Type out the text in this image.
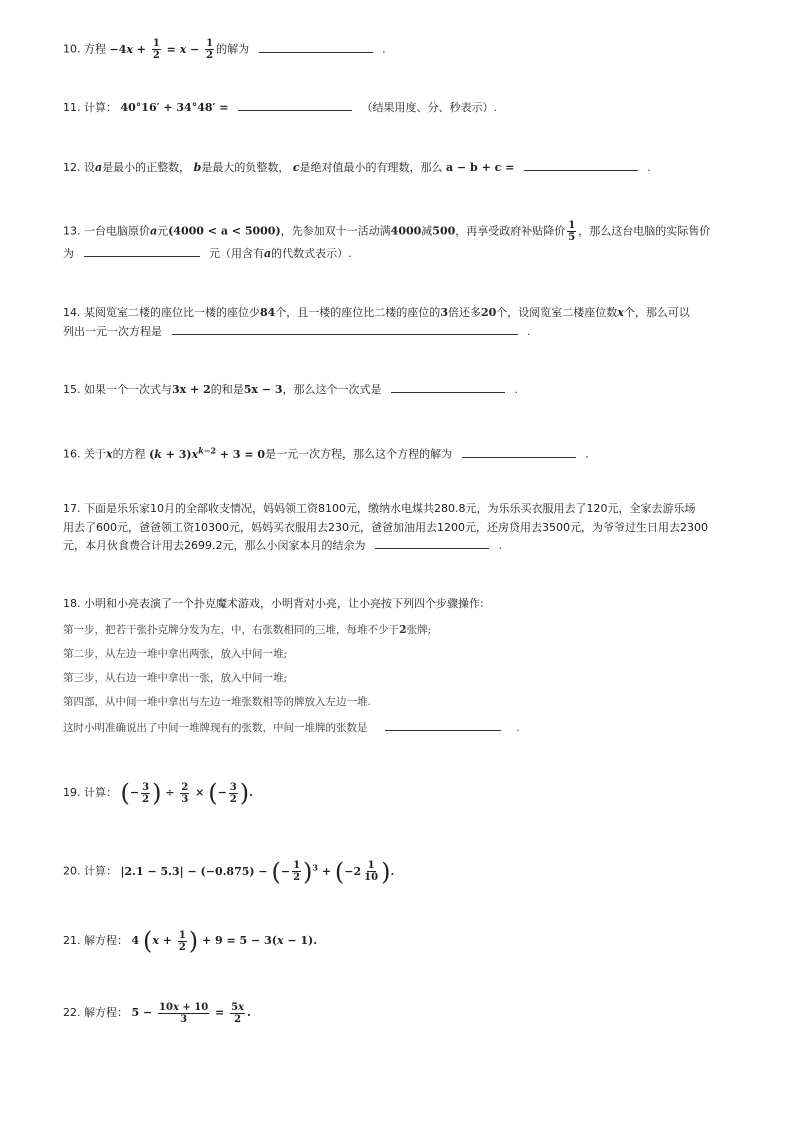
10. 方程 $-4x + \frac{1}{2} = x - \frac{1}{2}$ 的解为	.
11. 计算： 40°16′ + 34°48′ =	（结果用度、分、秒表示）.
12. 设a是最小的正整数， b是最大的负整数， c是绝对值最小的有理数，那么 a − b + c =	.
13. 一台电脑原价a元(4000 < a < 5000)，先参加双十一活动满4000减500，再享受政府补贴降价 $\frac{1}{5}$ ，那么这台电脑的实际售价
为	元（用含有a的代数式表示）.
14. 某阅览室二楼的座位比一楼的座位少84个，且一楼的座位比二楼的座位的3倍还多20个，设阅览室二楼座位数x个，那么可以
列出一元一次方程是	.
15. 如果一个一次式与3x + 2的和是5x − 3，那么这个一次式是	.
16. 关于x的方程 $(k + 3)x^{k-2} + 3 = 0$是一元一次方程，那么这个方程的解为	.
17. 下面是乐乐家10月的全部收支情况，妈妈领工资8100元，缴纳水电煤共280.8元，为乐乐买衣服用去了120元，全家去游乐场
用去了600元，爸爸领工资10300元，妈妈买衣服用去230元，爸爸加油用去1200元，还房贷用去3500元，为爷爷过生日用去2300
元，本月伙食费合计用去2699.2元，那么小闵家本月的结余为	.
18. 小明和小亮表演了一个扑克魔术游戏，小明背对小亮，让小亮按下列四个步骤操作:
第一步，把若干张扑克牌分发为左，中，右张数相同的三堆，每堆不少于2张牌;
第二步，从左边一堆中拿出两张，放入中间一堆;
第三步，从右边一堆中拿出一张，放入中间一堆;
第四部，从中间一堆中拿出与左边一堆张数相等的牌放入左边一堆.
这时小明准确说出了中间一堆牌现有的张数，中间一堆牌的张数是	.
19. 计算： (− $\frac{3}{2}$ ) ÷ $\frac{2}{3}$ × (− $\frac{3}{2}$ ).
20. 计算： |2.1 − 5.3| − (−0.875) − (− $\frac{1}{2} )^3 + (-2 \frac{1}{10}$ ).
21. 解方程： 4 ($x + \frac{1}{2}$ ) + 9 = 5 − 3(x − 1).
22. 解方程： $5 - \frac{10x + 10}{3} = \frac{5x}{2}$ .
